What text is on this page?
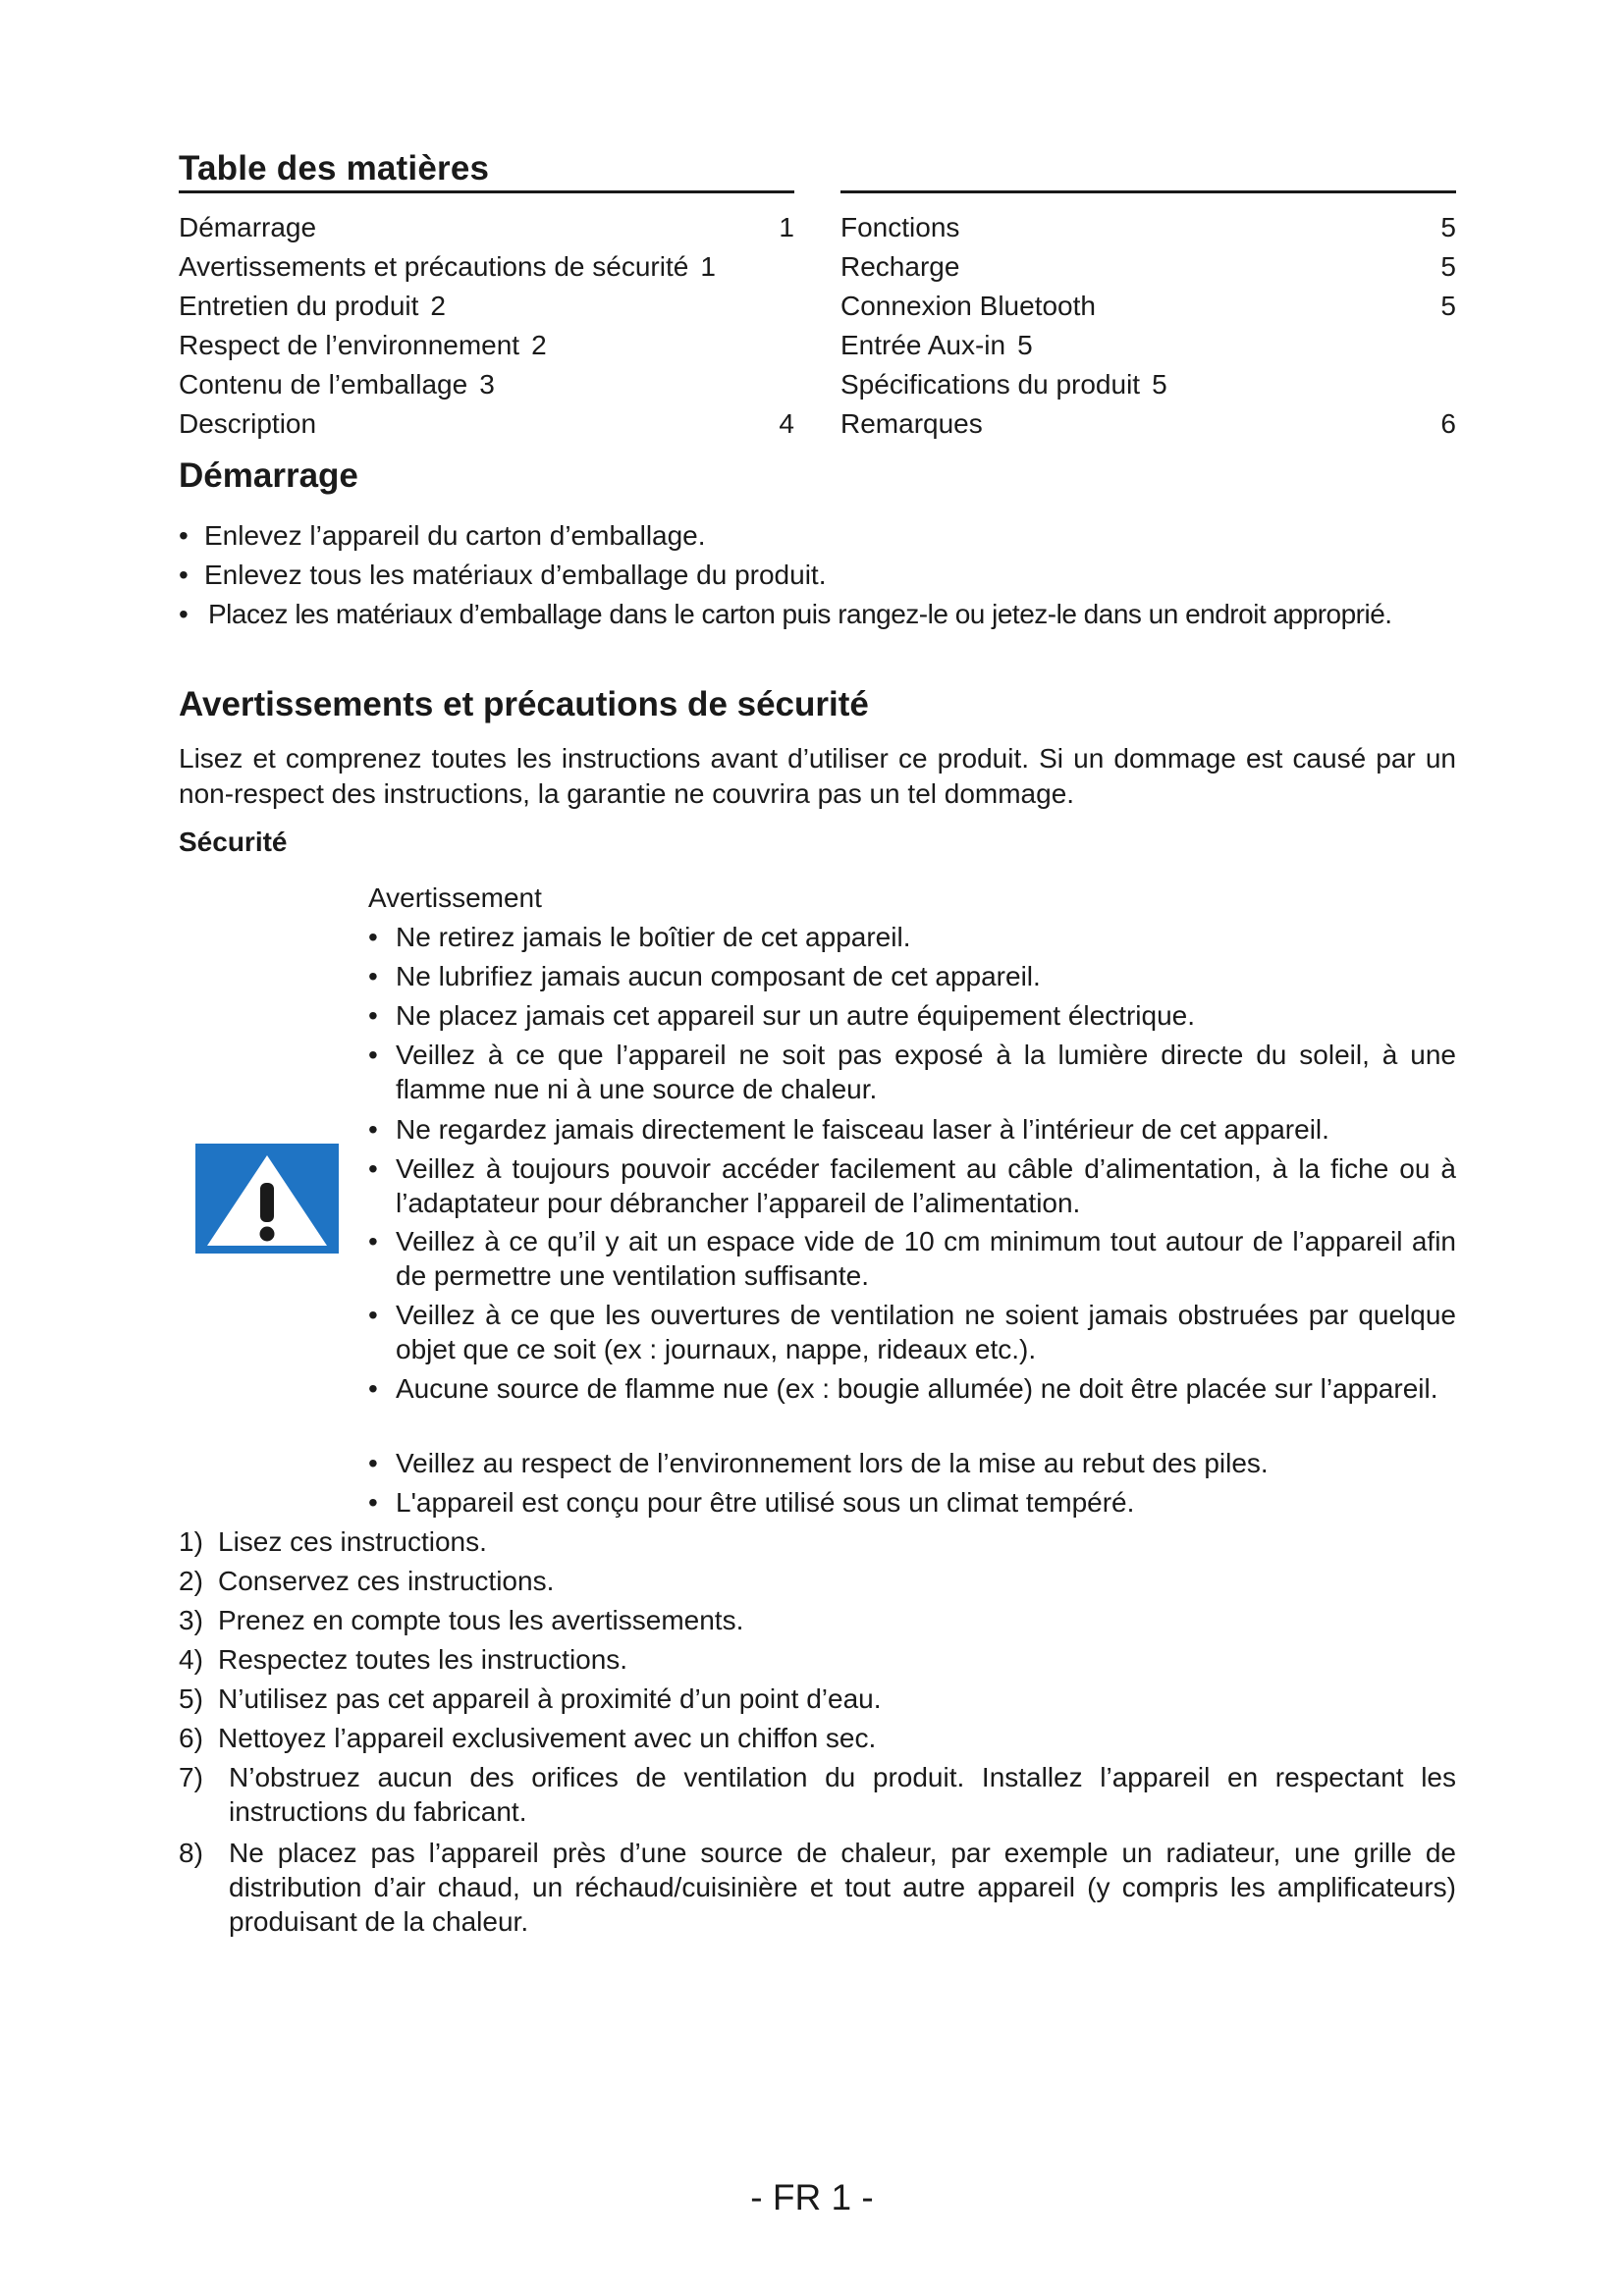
Table des matières
Démarrage	1
Avertissements et précautions de sécurité 1
Entretien du produit 2
Respect de l’environnement 2
Contenu de l’emballage 3
Description	4
Fonctions	5
Recharge	5
Connexion Bluetooth	5
Entrée Aux-in 5
Spécifications du produit 5
Remarques	6
Démarrage
• Enlevez l’appareil du carton d’emballage.
• Enlevez tous les matériaux d’emballage du produit.
• Placez les matériaux d’emballage dans le carton puis rangez-le ou jetez-le dans un endroit approprié.
Avertissements et précautions de sécurité

Lisez et comprenez toutes les instructions avant d’utiliser ce produit. Si un dommage est causé par un non-respect des instructions, la garantie ne couvrira pas un tel dommage.

Sécurité
Avertissement
• Ne retirez jamais le boîtier de cet appareil.
• Ne lubrifiez jamais aucun composant de cet appareil.
• Ne placez jamais cet appareil sur un autre équipement électrique.
• Veillez à ce que l’appareil ne soit pas exposé à la lumière directe du soleil, à une flamme nue ni à une source de chaleur.
• Ne regardez jamais directement le faisceau laser à l’intérieur de cet appareil.
• Veillez à toujours pouvoir accéder facilement au câble d’alimentation, à la fiche ou à l’adaptateur pour débrancher l’appareil de l’alimentation.
• Veillez à ce qu’il y ait un espace vide de 10 cm minimum tout autour de l’appareil afin de permettre une ventilation suffisante.
• Veillez à ce que les ouvertures de ventilation ne soient jamais obstruées par quelque objet que ce soit (ex : journaux, nappe, rideaux etc.).
• Aucune source de flamme nue (ex : bougie allumée) ne doit être placée sur l’appareil.
• Veillez au respect de l’environnement lors de la mise au rebut des piles.
• L'appareil est conçu pour être utilisé sous un climat tempéré.
1) Lisez ces instructions.
2) Conservez ces instructions.
3) Prenez en compte tous les avertissements.
4) Respectez toutes les instructions.
5) N’utilisez pas cet appareil à proximité d’un point d’eau.
6) Nettoyez l’appareil exclusivement avec un chiffon sec.
7) N’obstruez aucun des orifices de ventilation du produit. Installez l’appareil en respectant les instructions du fabricant.
8) Ne placez pas l’appareil près d’une source de chaleur, par exemple un radiateur, une grille de distribution d’air chaud, un réchaud/cuisinière et tout autre appareil (y compris les amplificateurs) produisant de la chaleur.
- FR 1 -
